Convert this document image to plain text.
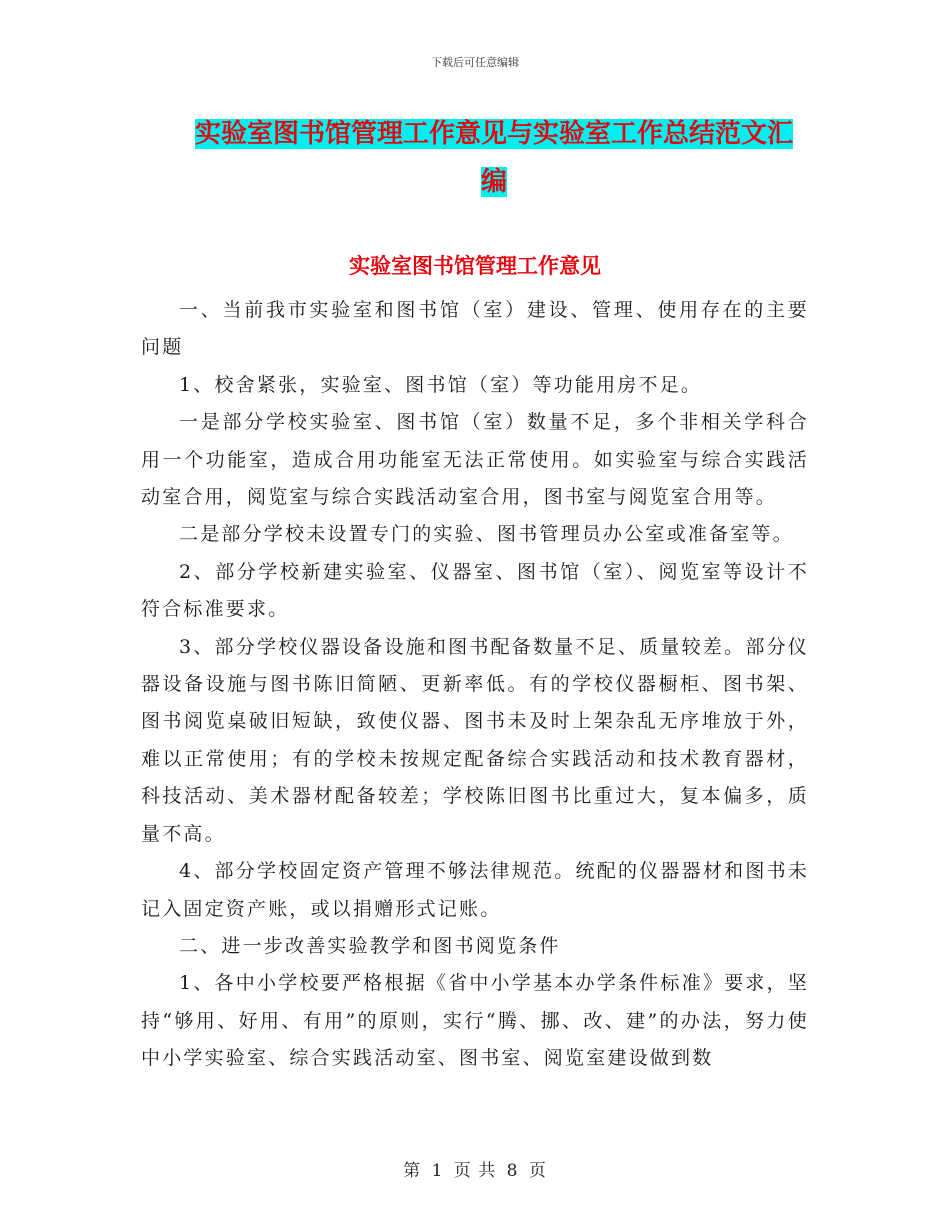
下载后可任意编辑
实验室图书馆管理工作意见与实验室工作总结范文汇
编
实验室图书馆管理工作意见

一、当前我市实验室和图书馆（室）建设、管理、使用存在的主要问题

1、校舍紧张，实验室、图书馆（室）等功能用房不足。

一是部分学校实验室、图书馆（室）数量不足，多个非相关学科合用一个功能室，造成合用功能室无法正常使用。如实验室与综合实践活动室合用，阅览室与综合实践活动室合用，图书室与阅览室合用等。

二是部分学校未设置专门的实验、图书管理员办公室或准备室等。

2、部分学校新建实验室、仪器室、图书馆（室）、阅览室等设计不符合标准要求。

3、部分学校仪器设备设施和图书配备数量不足、质量较差。部分仪器设备设施与图书陈旧简陋、更新率低。有的学校仪器橱柜、图书架、图书阅览桌破旧短缺，致使仪器、图书未及时上架杂乱无序堆放于外，难以正常使用；有的学校未按规定配备综合实践活动和技术教育器材，科技活动、美术器材配备较差；学校陈旧图书比重过大，复本偏多，质量不高。

4、部分学校固定资产管理不够法律规范。统配的仪器器材和图书未记入固定资产账，或以捐赠形式记账。

二、进一步改善实验教学和图书阅览条件

1、各中小学校要严格根据《省中小学基本办学条件标准》要求，坚持“够用、好用、有用”的原则，实行“腾、挪、改、建”的办法，努力使中小学实验室、综合实践活动室、图书室、阅览室建设做到数

第 1 页 共 8 页
